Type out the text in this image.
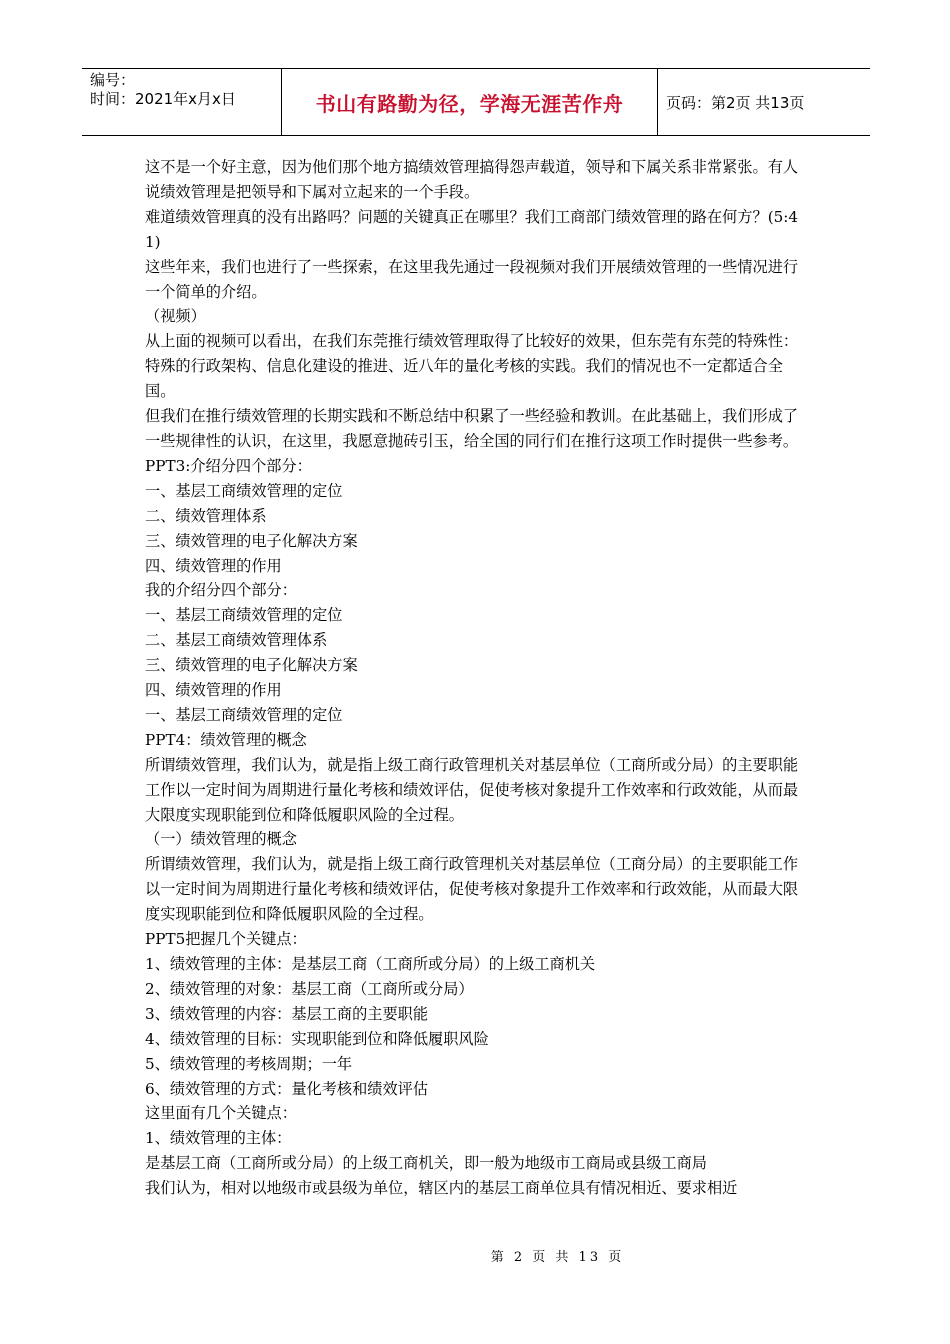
编号：
时间：2021年x月x日	书山有路勤为径，学海无涯苦作舟	页码：第2页 共13页

这不是一个好主意，因为他们那个地方搞绩效管理搞得怨声载道，领导和下属关系非常紧张。有人说绩效管理是把领导和下属对立起来的一个手段。

难道绩效管理真的没有出路吗？问题的关键真正在哪里？我们工商部门绩效管理的路在何方？(5:41)

这些年来，我们也进行了一些探索，在这里我先通过一段视频对我们开展绩效管理的一些情况进行一个简单的介绍。

（视频）

从上面的视频可以看出，在我们东莞推行绩效管理取得了比较好的效果，但东莞有东莞的特殊性：特殊的行政架构、信息化建设的推进、近八年的量化考核的实践。我们的情况也不一定都适合全国。

但我们在推行绩效管理的长期实践和不断总结中积累了一些经验和教训。在此基础上，我们形成了一些规律性的认识，在这里，我愿意抛砖引玉，给全国的同行们在推行这项工作时提供一些参考。

PPT3:介绍分四个部分：

一、基层工商绩效管理的定位

二、绩效管理体系

三、绩效管理的电子化解决方案

四、绩效管理的作用

我的介绍分四个部分：

一、基层工商绩效管理的定位

二、基层工商绩效管理体系

三、绩效管理的电子化解决方案

四、绩效管理的作用

一、基层工商绩效管理的定位

PPT4：绩效管理的概念

所谓绩效管理，我们认为，就是指上级工商行政管理机关对基层单位（工商所或分局）的主要职能工作以一定时间为周期进行量化考核和绩效评估，促使考核对象提升工作效率和行政效能，从而最大限度实现职能到位和降低履职风险的全过程。

（一）绩效管理的概念

所谓绩效管理，我们认为，就是指上级工商行政管理机关对基层单位（工商分局）的主要职能工作以一定时间为周期进行量化考核和绩效评估，促使考核对象提升工作效率和行政效能，从而最大限度实现职能到位和降低履职风险的全过程。

PPT5把握几个关键点：

1、绩效管理的主体：是基层工商（工商所或分局）的上级工商机关

2、绩效管理的对象：基层工商（工商所或分局）

3、绩效管理的内容：基层工商的主要职能

4、绩效管理的目标：实现职能到位和降低履职风险

5、绩效管理的考核周期；一年

6、绩效管理的方式：量化考核和绩效评估

这里面有几个关键点：

1、绩效管理的主体：

是基层工商（工商所或分局）的上级工商机关，即一般为地级市工商局或县级工商局

我们认为，相对以地级市或县级为单位，辖区内的基层工商单位具有情况相近、要求相近

第 2 页 共 13 页
